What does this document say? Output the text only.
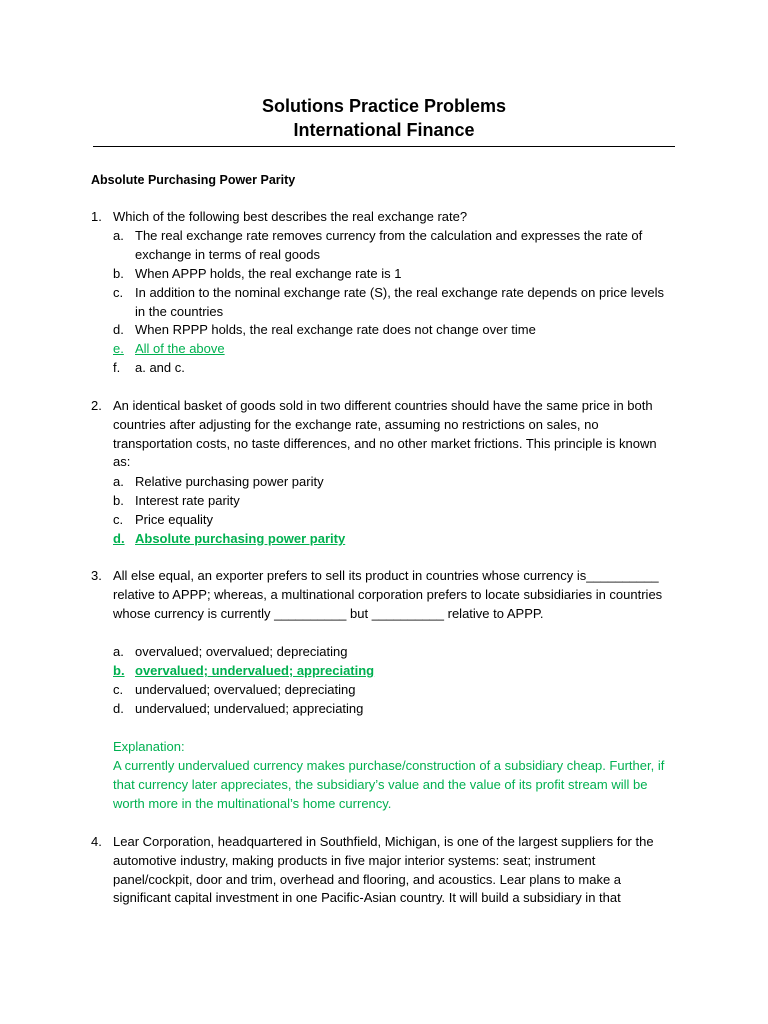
Solutions Practice Problems
International Finance
Absolute Purchasing Power Parity
1. Which of the following best describes the real exchange rate?
a. The real exchange rate removes currency from the calculation and expresses the rate of exchange in terms of real goods
b. When APPP holds, the real exchange rate is 1
c. In addition to the nominal exchange rate (S), the real exchange rate depends on price levels in the countries
d. When RPPP holds, the real exchange rate does not change over time
e. All of the above
f. a. and c.
2. An identical basket of goods sold in two different countries should have the same price in both countries after adjusting for the exchange rate, assuming no restrictions on sales, no transportation costs, no taste differences, and no other market frictions. This principle is known as:
a. Relative purchasing power parity
b. Interest rate parity
c. Price equality
d. Absolute purchasing power parity
3. All else equal, an exporter prefers to sell its product in countries whose currency is__________ relative to APPP; whereas, a multinational corporation prefers to locate subsidiaries in countries whose currency is currently __________ but __________ relative to APPP.
a. overvalued; overvalued; depreciating
b. overvalued; undervalued; appreciating
c. undervalued; overvalued; depreciating
d. undervalued; undervalued; appreciating
Explanation:
A currently undervalued currency makes purchase/construction of a subsidiary cheap. Further, if that currency later appreciates, the subsidiary’s value and the value of its profit stream will be worth more in the multinational’s home currency.
4. Lear Corporation, headquartered in Southfield, Michigan, is one of the largest suppliers for the automotive industry, making products in five major interior systems: seat; instrument panel/cockpit, door and trim, overhead and flooring, and acoustics. Lear plans to make a significant capital investment in one Pacific-Asian country. It will build a subsidiary in that
